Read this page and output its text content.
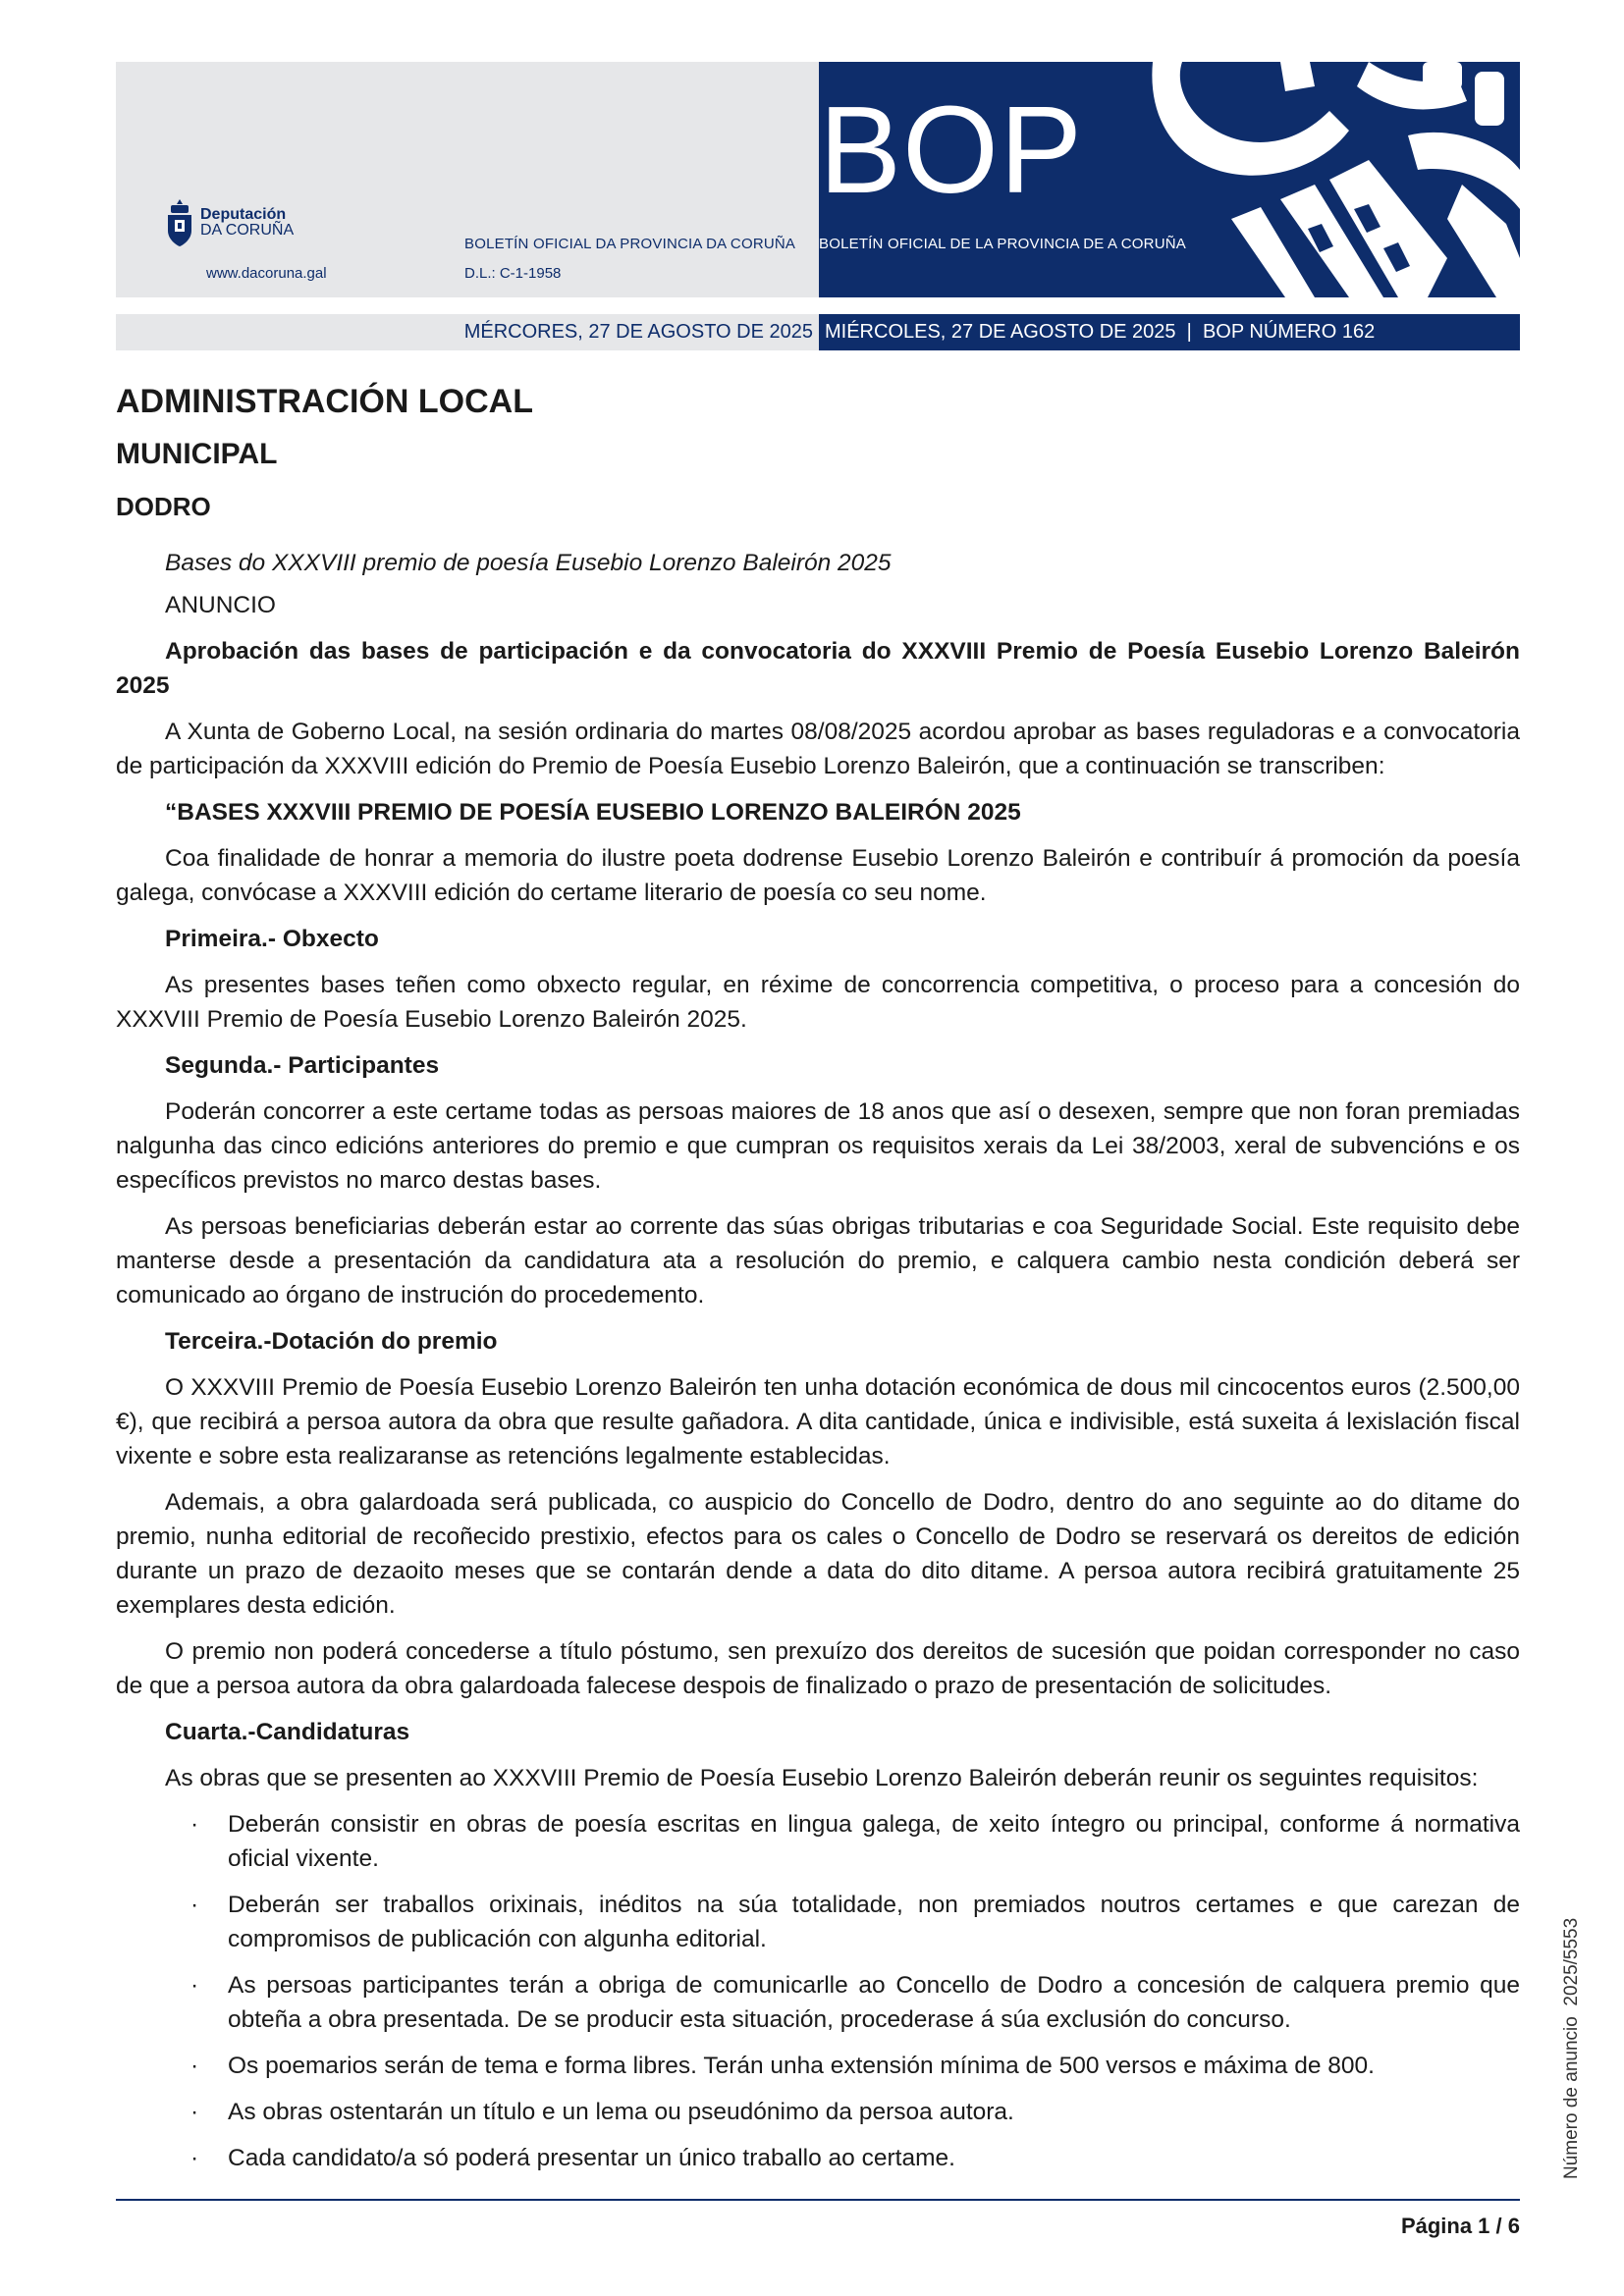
BOP
Deputación
DA CORUÑA
www.dacoruna.gal
BOLETÍN OFICIAL DA PROVINCIA DA CORUÑA
D.L.: C-1-1958
BOLETÍN OFICIAL DE LA PROVINCIA DE A CORUÑA
MÉRCORES, 27 DE AGOSTO DE 2025 MIÉRCOLES, 27 DE AGOSTO DE 2025  |  BOP NÚMERO 162
ADMINISTRACIÓN LOCAL
MUNICIPAL
DODRO

Bases do XXXVIII premio de poesía Eusebio Lorenzo Baleirón 2025

ANUNCIO

Aprobación das bases de participación e da convocatoria do XXXVIII Premio de Poesía Eusebio Lorenzo Baleirón 2025

A Xunta de Goberno Local, na sesión ordinaria do martes 08/08/2025 acordou aprobar as bases reguladoras e a convocatoria de participación da XXXVIII edición do Premio de Poesía Eusebio Lorenzo Baleirón, que a continuación se transcriben:

“BASES XXXVIII PREMIO DE POESÍA EUSEBIO LORENZO BALEIRÓN 2025

Coa finalidade de honrar a memoria do ilustre poeta dodrense Eusebio Lorenzo Baleirón e contribuír á promoción da poesía galega, convócase a XXXVIII edición do certame literario de poesía co seu nome.

Primeira.- Obxecto

As presentes bases teñen como obxecto regular, en réxime de concorrencia competitiva, o proceso para a concesión do XXXVIII Premio de Poesía Eusebio Lorenzo Baleirón 2025.

Segunda.- Participantes

Poderán concorrer a este certame todas as persoas maiores de 18 anos que así o desexen, sempre que non foran premiadas nalgunha das cinco edicións anteriores do premio e que cumpran os requisitos xerais da Lei 38/2003, xeral de subvencións e os específicos previstos no marco destas bases.

As persoas beneficiarias deberán estar ao corrente das súas obrigas tributarias e coa Seguridade Social. Este requisito debe manterse desde a presentación da candidatura ata a resolución do premio, e calquera cambio nesta condición deberá ser comunicado ao órgano de instrución do procedemento.

Terceira.-Dotación do premio

O XXXVIII Premio de Poesía Eusebio Lorenzo Baleirón ten unha dotación económica de dous mil cincocentos euros (2.500,00 €), que recibirá a persoa autora da obra que resulte gañadora. A dita cantidade, única e indivisible, está suxeita á lexislación fiscal vixente e sobre esta realizaranse as retencións legalmente establecidas.

Ademais, a obra galardoada será publicada, co auspicio do Concello de Dodro, dentro do ano seguinte ao do ditame do premio, nunha editorial de recoñecido prestixio, efectos para os cales o Concello de Dodro se reservará os dereitos de edición durante un prazo de dezaoito meses que se contarán dende a data do dito ditame. A persoa autora recibirá gratuitamente 25 exemplares desta edición.

O premio non poderá concederse a título póstumo, sen prexuízo dos dereitos de sucesión que poidan corresponder no caso de que a persoa autora da obra galardoada falecese despois de finalizado o prazo de presentación de solicitudes.

Cuarta.-Candidaturas

As obras que se presenten ao XXXVIII Premio de Poesía Eusebio Lorenzo Baleirón deberán reunir os seguintes requisitos:

· Deberán consistir en obras de poesía escritas en lingua galega, de xeito íntegro ou principal, conforme á normativa oficial vixente.
· Deberán ser traballos orixinais, inéditos na súa totalidade, non premiados noutros certames e que carezan de compromisos de publicación con algunha editorial.
· As persoas participantes terán a obriga de comunicarlle ao Concello de Dodro a concesión de calquera premio que obteña a obra presentada. De se producir esta situación, procederase á súa exclusión do concurso.
· Os poemarios serán de tema e forma libres. Terán unha extensión mínima de 500 versos e máxima de 800.
· As obras ostentarán un título e un lema ou pseudónimo da persoa autora.
· Cada candidato/a só poderá presentar un único traballo ao certame.	Número de anuncio  2025/5553
Página 1 / 6
